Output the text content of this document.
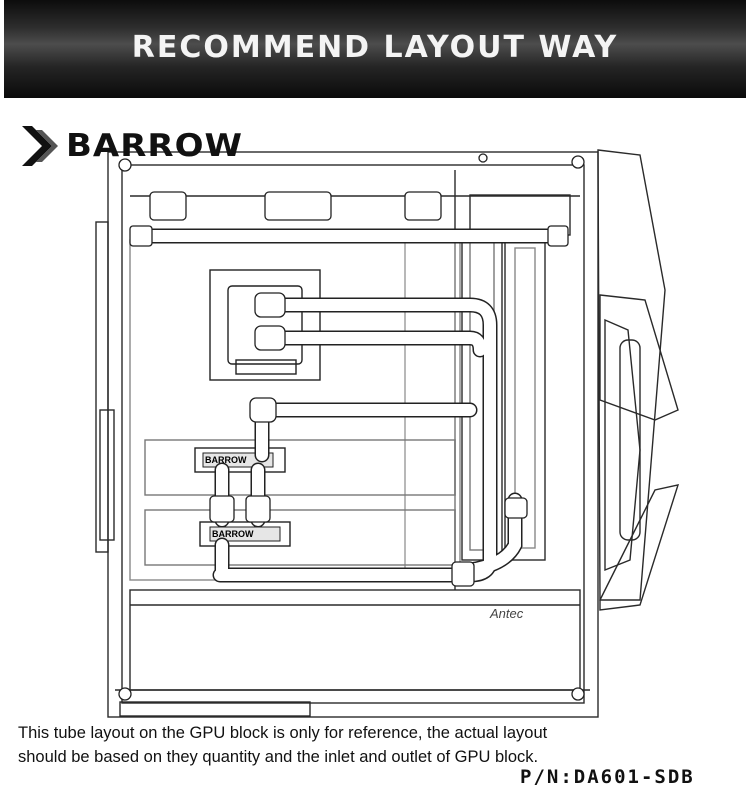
RECOMMEND LAYOUT WAY
BARROW
BARROW
Antec
BARROW
This tube layout on the GPU block is only for reference, the actual layout
should be based on they quantity and the inlet and outlet of GPU block.
P/N:DA601-SDB
